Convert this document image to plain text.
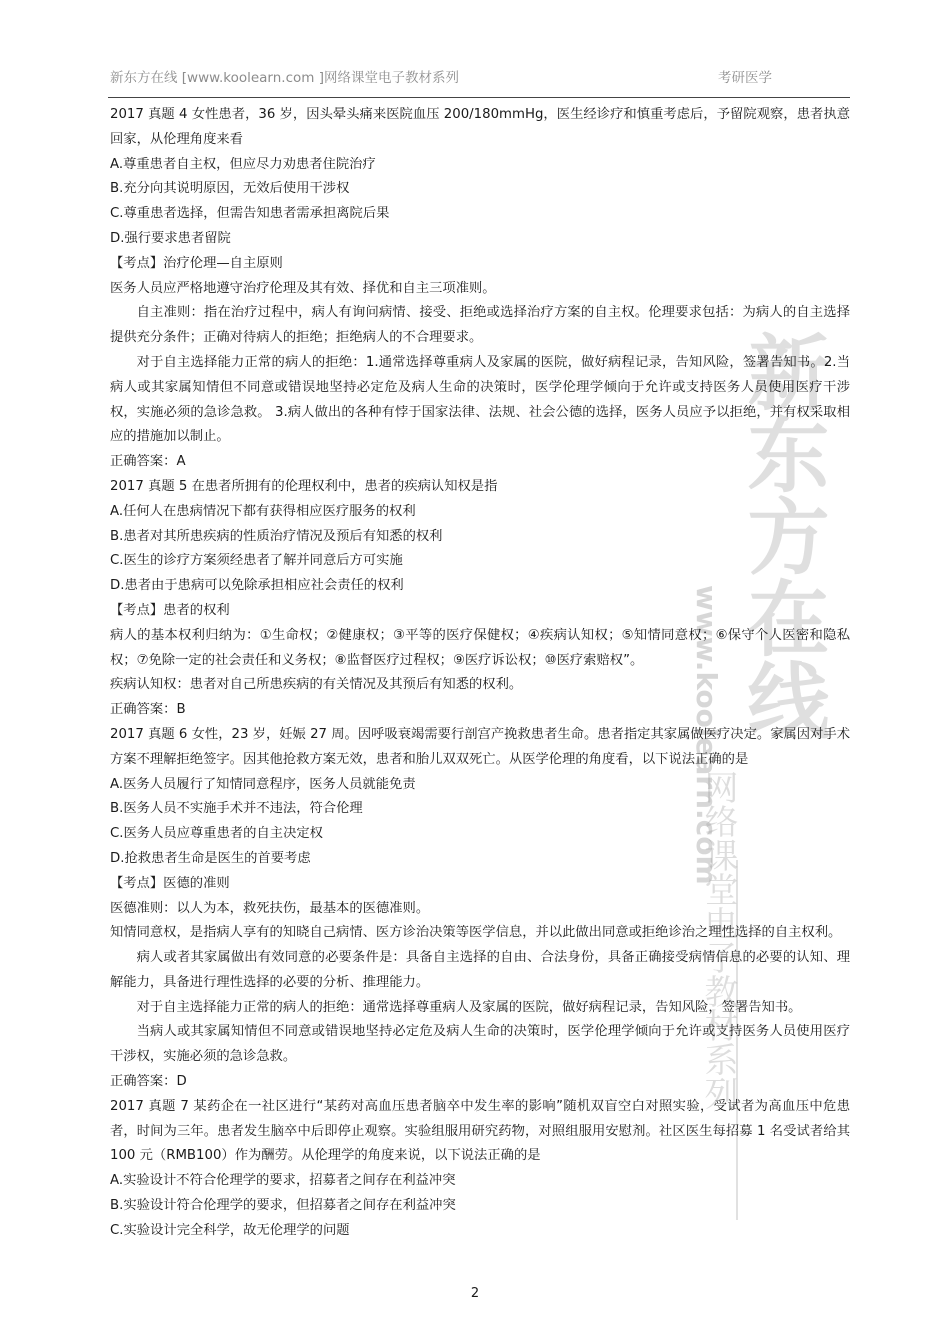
新东方在线 [www.koolearn.com ]网络课堂电子教材系列	考研医学
新东方在线
www.koolearn.com
网络课堂电子教材系列

2017 真题 4 女性患者，36 岁，因头晕头痛来医院血压 200/180mmHg，医生经诊疗和慎重考虑后，予留院观察，患者执意回家，从伦理角度来看

A.尊重患者自主权，但应尽力劝患者住院治疗

B.充分向其说明原因，无效后使用干涉权

C.尊重患者选择，但需告知患者需承担离院后果

D.强行要求患者留院

【考点】治疗伦理—自主原则

医务人员应严格地遵守治疗伦理及其有效、择优和自主三项准则。

自主准则：指在治疗过程中，病人有询问病情、接受、拒绝或选择治疗方案的自主权。伦理要求包括：为病人的自主选择提供充分条件；正确对待病人的拒绝；拒绝病人的不合理要求。

对于自主选择能力正常的病人的拒绝：1.通常选择尊重病人及家属的医院，做好病程记录，告知风险，签署告知书。2.当病人或其家属知情但不同意或错误地坚持必定危及病人生命的决策时，医学伦理学倾向于允许或支持医务人员使用医疗干涉权，实施必须的急诊急救。 3.病人做出的各种有悖于国家法律、法规、社会公德的选择，医务人员应予以拒绝，并有权采取相应的措施加以制止。

正确答案：A

2017 真题 5 在患者所拥有的伦理权利中，患者的疾病认知权是指

A.任何人在患病情况下都有获得相应医疗服务的权利

B.患者对其所患疾病的性质治疗情况及预后有知悉的权利

C.医生的诊疗方案须经患者了解并同意后方可实施

D.患者由于患病可以免除承担相应社会责任的权利

【考点】患者的权利

病人的基本权利归纳为：①生命权；②健康权；③平等的医疗保健权；④疾病认知权；⑤知情同意权；⑥保守个人医密和隐私权；⑦免除一定的社会责任和义务权；⑧监督医疗过程权；⑨医疗诉讼权；⑩医疗索赔权”。

疾病认知权：患者对自己所患疾病的有关情况及其预后有知悉的权利。

正确答案：B

2017 真题 6 女性，23 岁，妊娠 27 周。因呼吸衰竭需要行剖宫产挽救患者生命。患者指定其家属做医疗决定。家属因对手术方案不理解拒绝签字。因其他抢救方案无效，患者和胎儿双双死亡。从医学伦理的角度看，以下说法正确的是

A.医务人员履行了知情同意程序，医务人员就能免责

B.医务人员不实施手术并不违法，符合伦理

C.医务人员应尊重患者的自主决定权

D.抢救患者生命是医生的首要考虑

【考点】医德的准则

医德准则：以人为本，救死扶伤，最基本的医德准则。

知情同意权，是指病人享有的知晓自己病情、医方诊治决策等医学信息，并以此做出同意或拒绝诊治之理性选择的自主权利。

病人或者其家属做出有效同意的必要条件是：具备自主选择的自由、合法身份，具备正确接受病情信息的必要的认知、理解能力，具备进行理性选择的必要的分析、推理能力。

对于自主选择能力正常的病人的拒绝：通常选择尊重病人及家属的医院，做好病程记录，告知风险，签署告知书。

当病人或其家属知情但不同意或错误地坚持必定危及病人生命的决策时，医学伦理学倾向于允许或支持医务人员使用医疗干涉权，实施必须的急诊急救。

正确答案：D

2017 真题 7 某药企在一社区进行“某药对高血压患者脑卒中发生率的影响”随机双盲空白对照实验，受试者为高血压中危患者，时间为三年。患者发生脑卒中后即停止观察。实验组服用研究药物，对照组服用安慰剂。社区医生每招募 1 名受试者给其 100 元（RMB100）作为酬劳。从伦理学的角度来说，以下说法正确的是

A.实验设计不符合伦理学的要求，招募者之间存在利益冲突

B.实验设计符合伦理学的要求，但招募者之间存在利益冲突

C.实验设计完全科学，故无伦理学的问题

2
